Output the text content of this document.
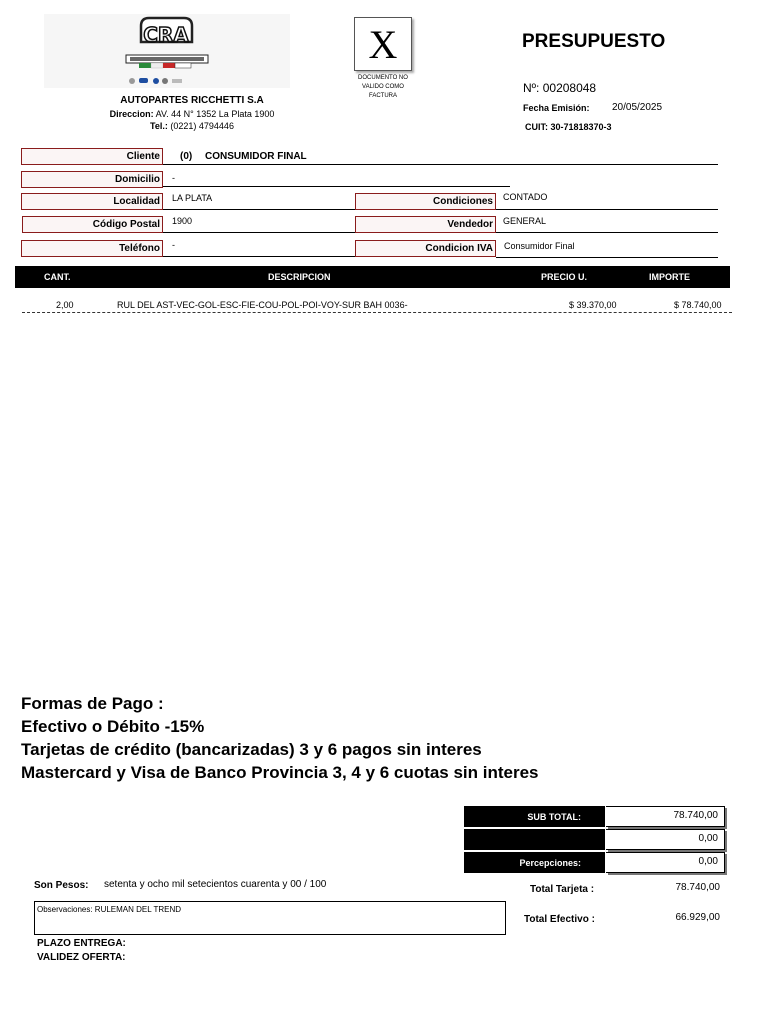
CRA
AUTOPARTES RICCHETTI S.A
Direccion: AV. 44 N° 1352 La Plata 1900
Tel.: (0221) 4794446
X
DOCUMENTO NO
VALIDO COMO
FACTURA
PRESUPUESTO
Nº: 00208048
Fecha Emisión: 20/05/2025
CUIT: 30-71818370-3
Cliente	(0) CONSUMIDOR FINAL
Domicilio	-
Localidad	LA PLATA
Código Postal	1900
Teléfono	-
Condiciones	CONTADO
Vendedor	GENERAL
Condicion IVA	Consumidor Final
CANT.	DESCRIPCION	PRECIO U.	IMPORTE
2,00	RUL DEL AST-VEC-GOL-ESC-FIE-COU-POL-POI-VOY-SUR BAH 0036-	$ 39.370,00	$ 78.740,00
Formas de Pago :
Efectivo o Débito -15%
Tarjetas de crédito (bancarizadas) 3 y 6 pagos sin interes
Mastercard y Visa de Banco Provincia 3, 4 y 6 cuotas sin interes
SUB TOTAL:	78.740,00
0,00
Percepciones:	0,00
Total Tarjeta :	78.740,00
Total Efectivo :	66.929,00
Son Pesos: setenta y ocho mil setecientos cuarenta y 00 / 100
Observaciones: RULEMAN DEL TREND
PLAZO ENTREGA:
VALIDEZ OFERTA:
